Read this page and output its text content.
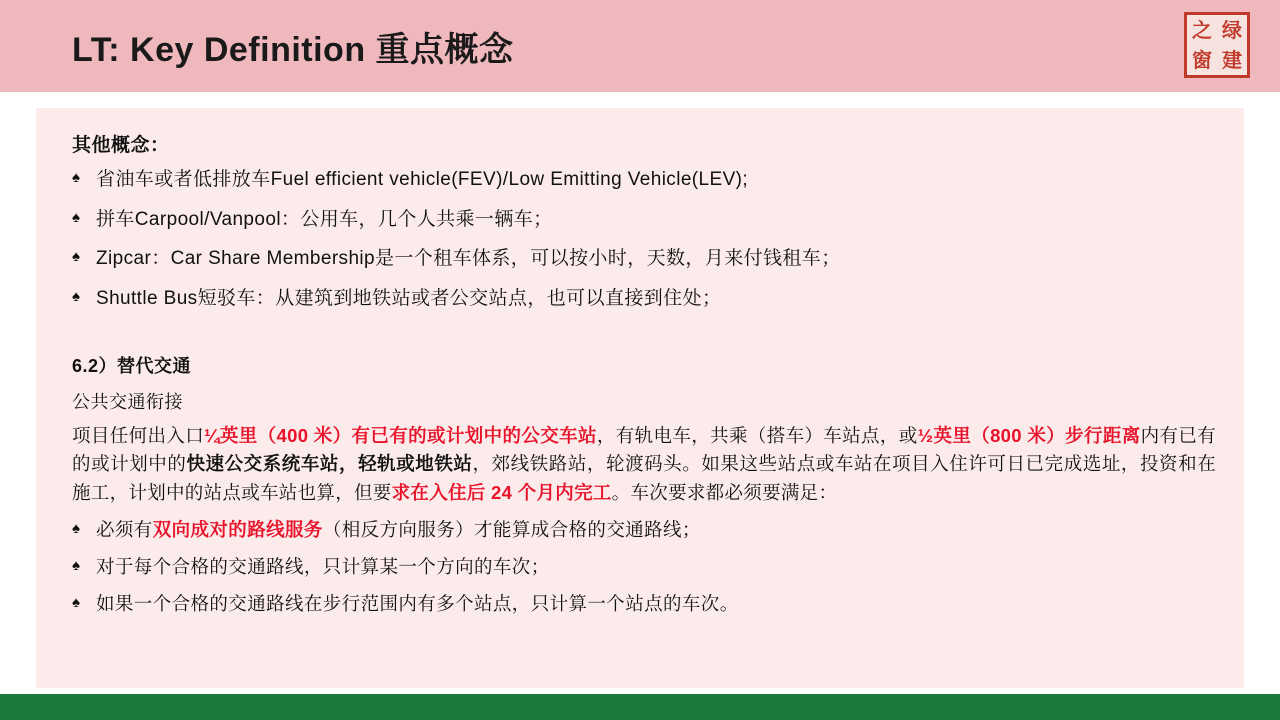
LT: Key Definition 重点概念
之 绿
窗 建
其他概念：
♠ 省油车或者低排放车Fuel efficient vehicle(FEV)/Low Emitting Vehicle(LEV);
♠ 拼车Carpool/Vanpool：公用车，几个人共乘一辆车；
♠ Zipcar：Car Share Membership是一个租车体系，可以按小时，天数，月来付钱租车；
♠ Shuttle Bus短驳车：从建筑到地铁站或者公交站点，也可以直接到住处；
6.2）替代交通
公共交通衔接
项目任何出入口¼英里（400 米）有已有的或计划中的公交车站，有轨电车，共乘（搭车）车站点，或½英里（800 米）步行距离内有已有的或计划中的快速公交系统车站，轻轨或地铁站，郊线铁路站，轮渡码头。如果这些站点或车站在项目入住许可日已完成选址，投资和在施工，计划中的站点或车站也算，但要求在入住后 24 个月内完工。车次要求都必须要满足：
♠ 必须有双向成对的路线服务（相反方向服务）才能算成合格的交通路线；
♠ 对于每个合格的交通路线，只计算某一个方向的车次；
♠ 如果一个合格的交通路线在步行范围内有多个站点，只计算一个站点的车次。
